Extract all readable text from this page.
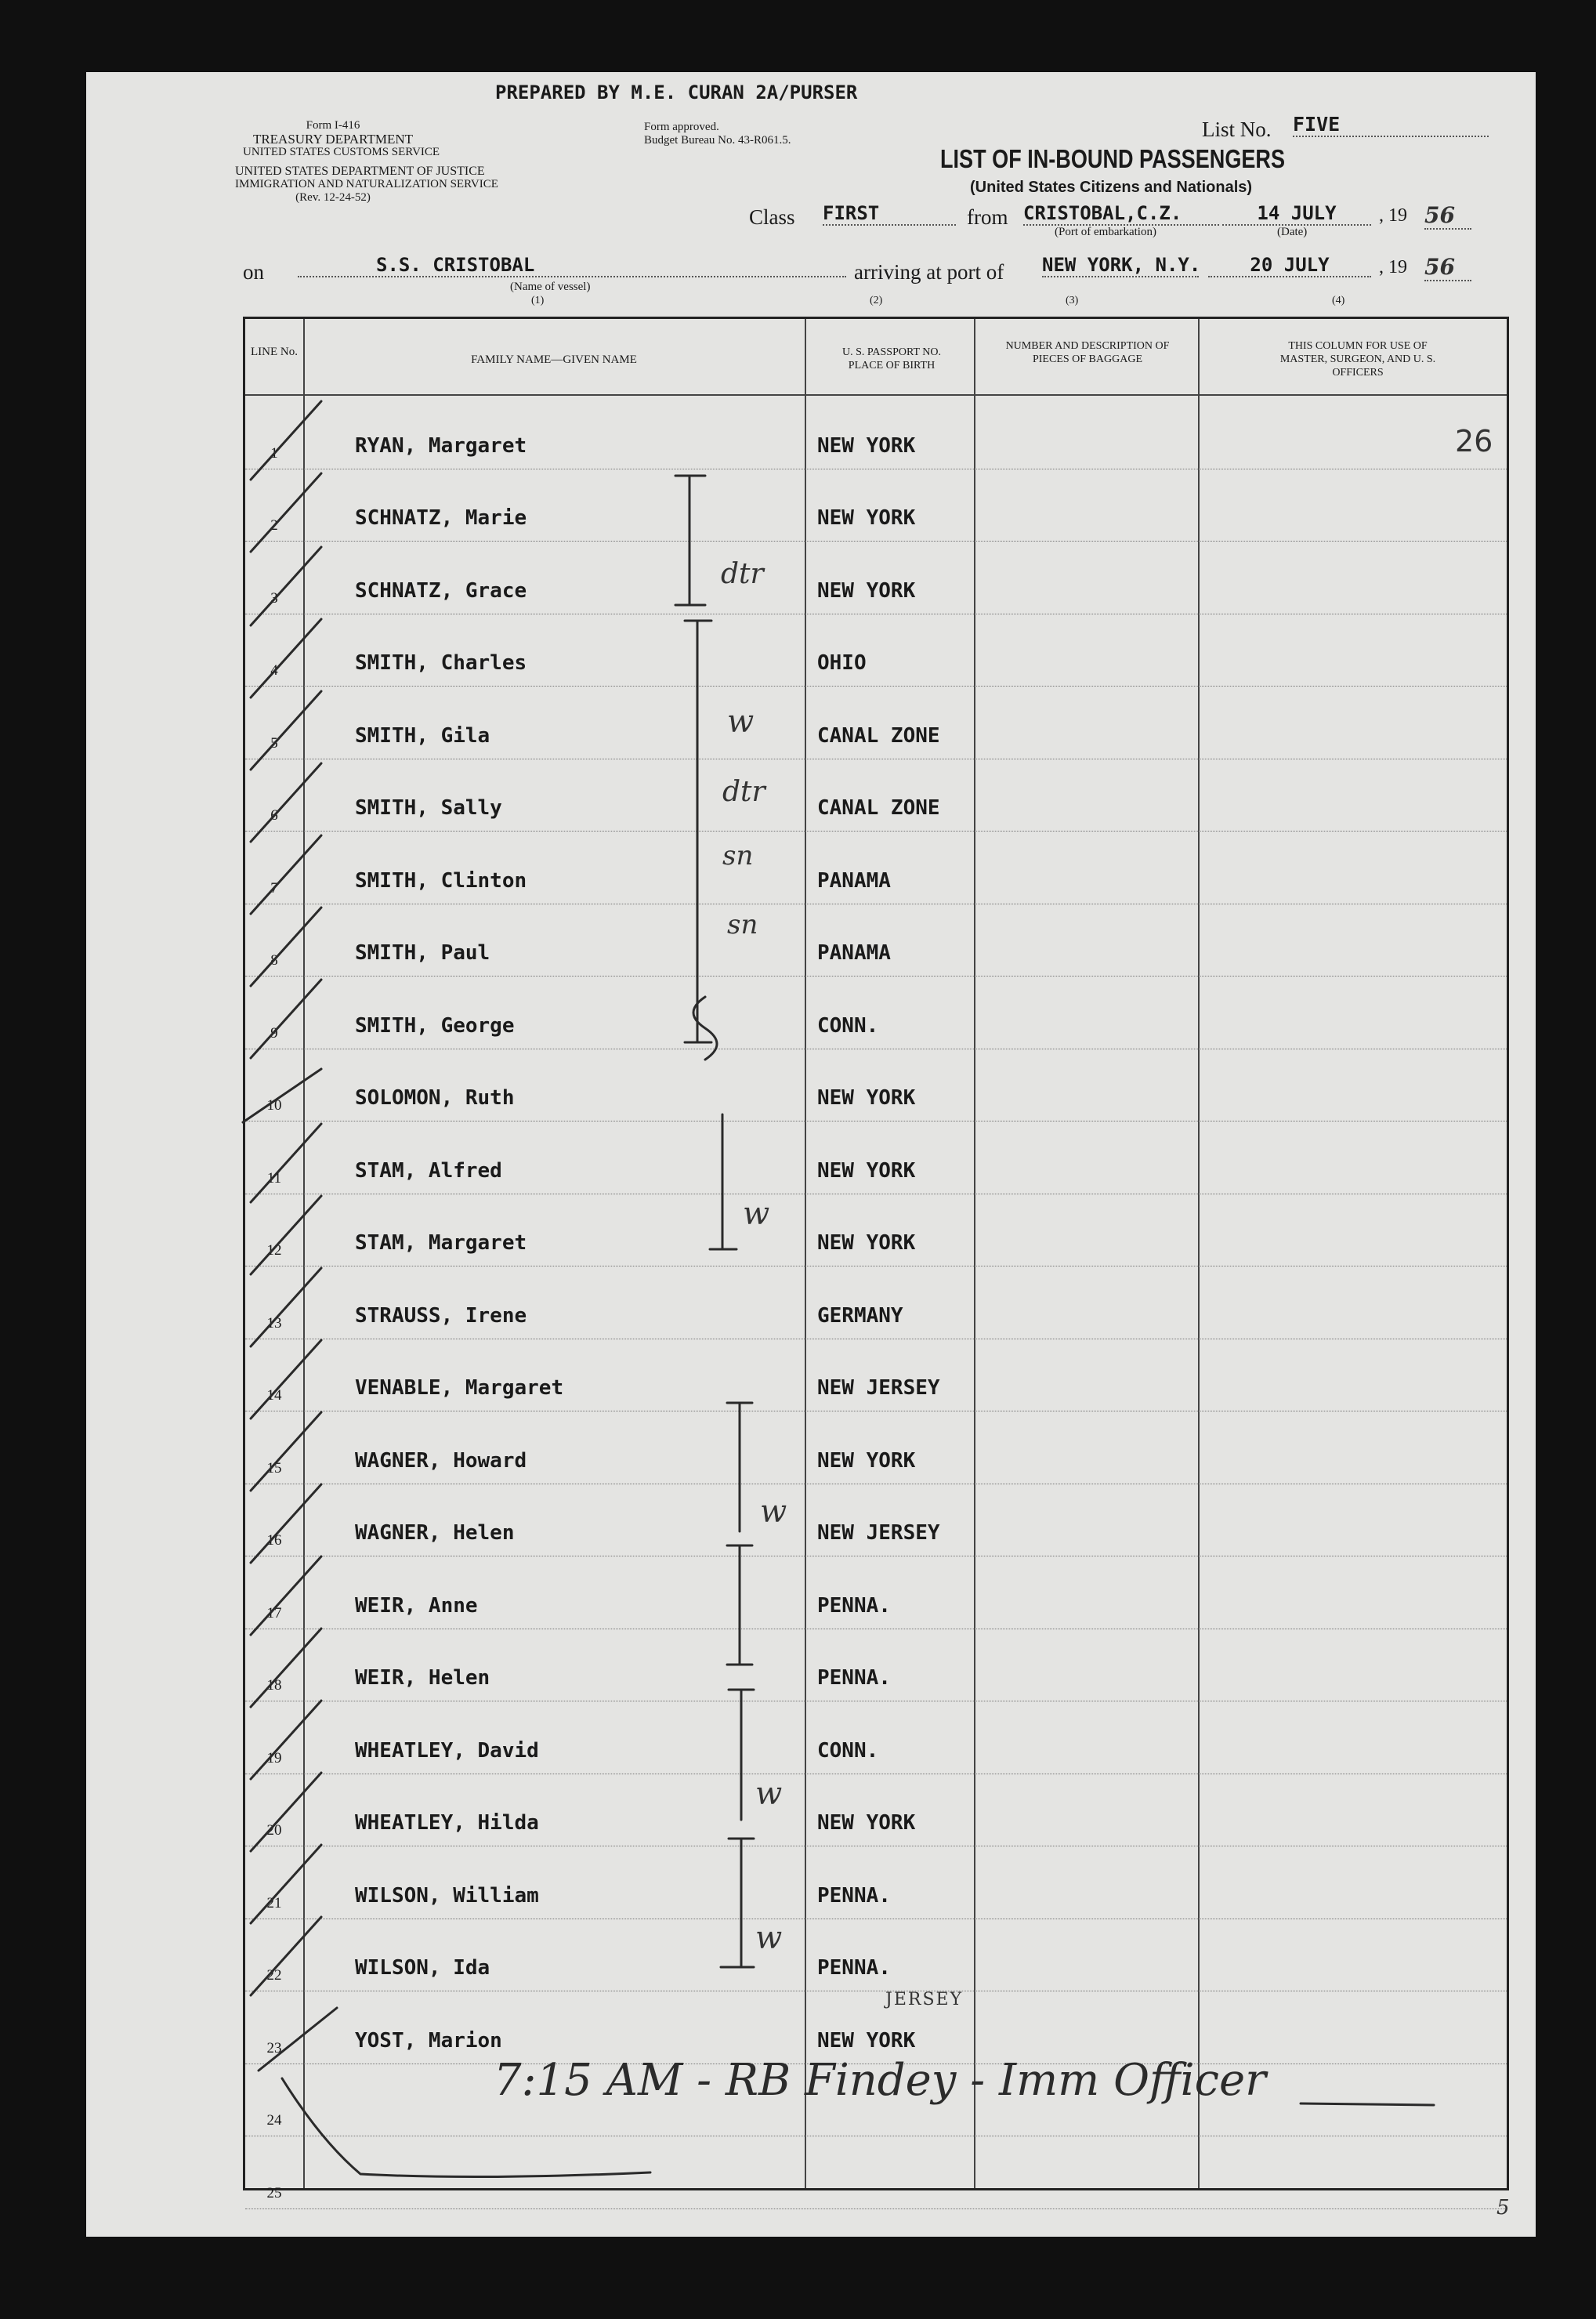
PREPARED BY M.E. CURAN 2A/PURSER
Form I-416
TREASURY DEPARTMENT
UNITED STATES CUSTOMS SERVICE
UNITED STATES DEPARTMENT OF JUSTICE
IMMIGRATION AND NATURALIZATION SERVICE
(Rev. 12-24-52)
Form approved.
Budget Bureau No. 43-R061.5.	List No. FIVE
LIST OF IN-BOUND PASSENGERS
(United States Citizens and Nationals)
Class FIRST	from CRISTOBAL,C.Z.
(Port of embarkation)
14 JULY
(Date)
, 19 56
on	S.S. CRISTOBAL
(Name of vessel)
(1)
arriving at port of NEW YORK, N.Y.	20 JULY	, 19 56
(2)	(3)	(4)
LINE No.
FAMILY NAME—GIVEN NAME
U. S. PASSPORT NO. PLACE OF BIRTH
NUMBER AND DESCRIPTION OF PIECES OF BAGGAGE
THIS COLUMN FOR USE OF MASTER, SURGEON, AND U. S. OFFICERS
26
1	RYAN, Margaret	NEW YORK
2	SCHNATZ, Marie	NEW YORK
3	SCHNATZ, Grace	NEW YORK
4	SMITH, Charles	OHIO
5	SMITH, Gila	CANAL ZONE
6	SMITH, Sally	CANAL ZONE
7	SMITH, Clinton	PANAMA
8	SMITH, Paul	PANAMA
9	SMITH, George	CONN.
10	SOLOMON, Ruth	NEW YORK
11	STAM, Alfred	NEW YORK
12	STAM, Margaret	NEW YORK
13	STRAUSS, Irene	GERMANY
14	VENABLE, Margaret	NEW JERSEY
15	WAGNER, Howard	NEW YORK
16	WAGNER, Helen	NEW JERSEY
17	WEIR, Anne	PENNA.
18	WEIR, Helen	PENNA.
19	WHEATLEY, David	CONN.
20	WHEATLEY, Hilda	NEW YORK
21	WILSON, William	PENNA.
22	WILSON, Ida	PENNA.
23	YOST, Marion	NEW YORK
24
25
JERSEY
7:15 AM - RB Findey - Imm Officer
5
dtr
dtr
w
sn
sn
w
w
w
w
